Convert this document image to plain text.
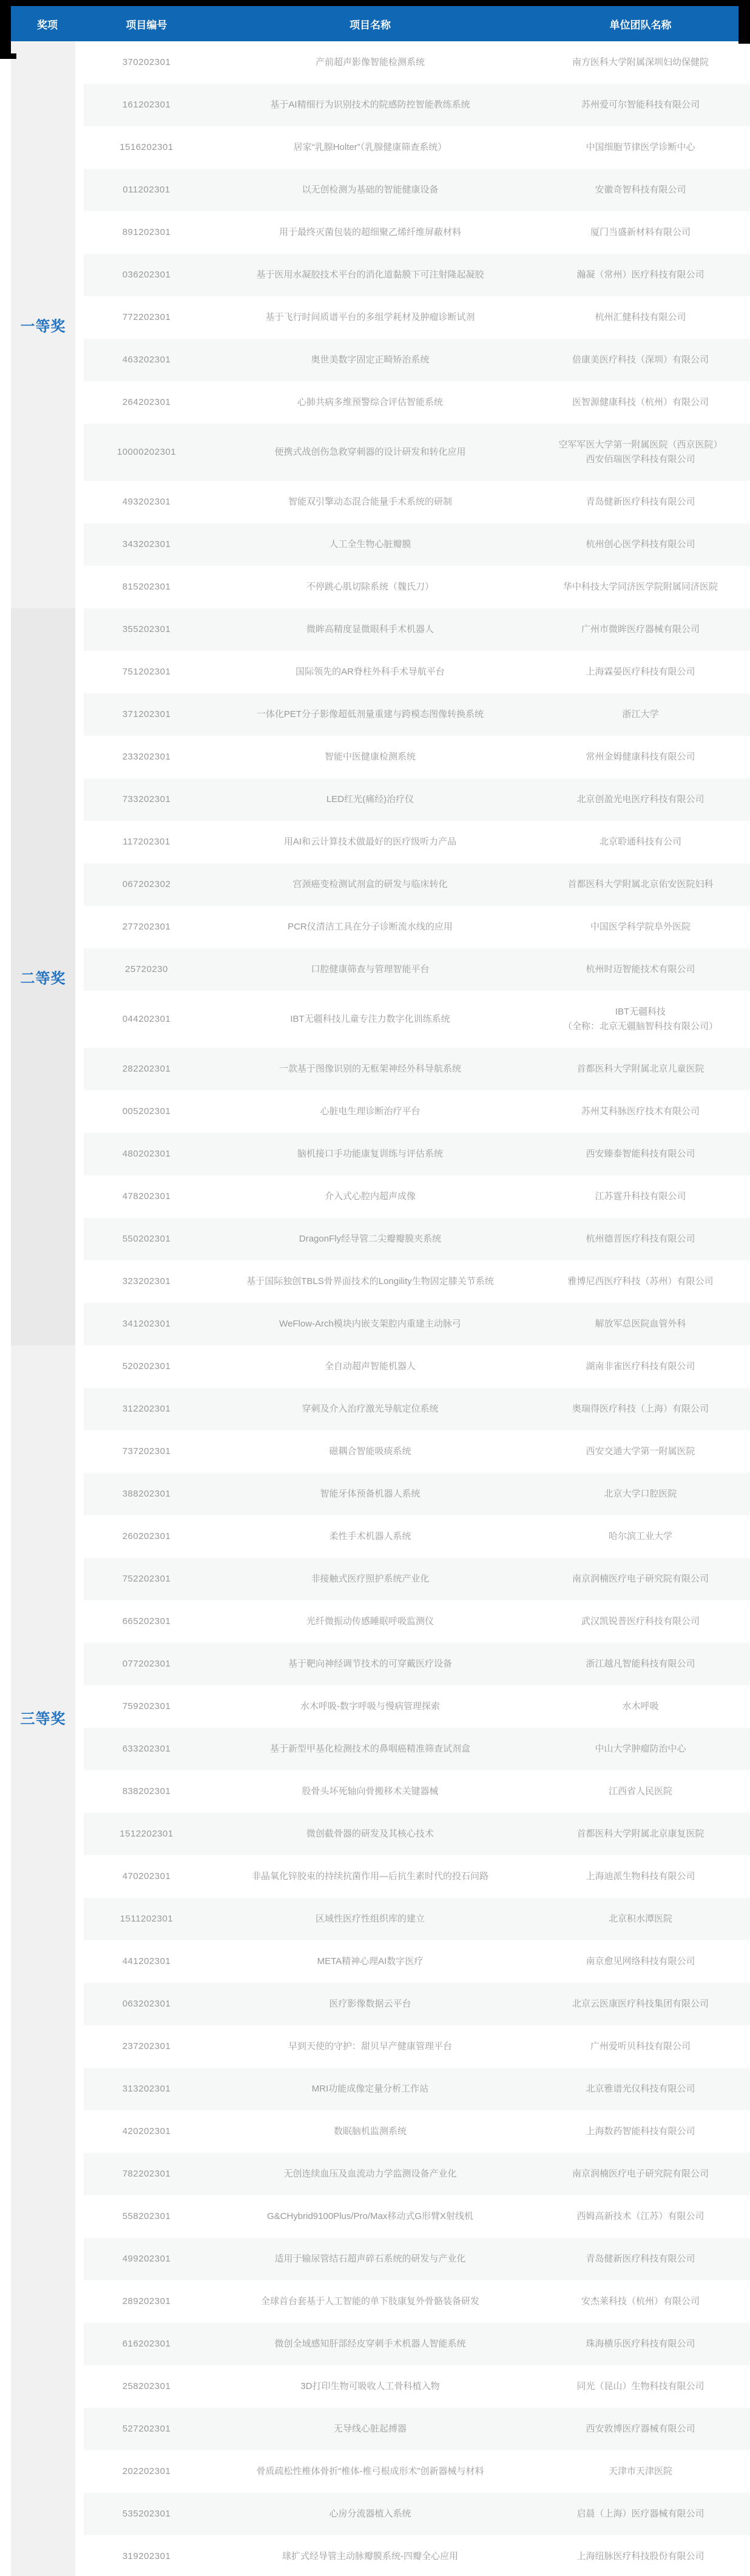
奖项	项目编号	项目名称	单位团队名称
一等奖
370202301	产前超声影像智能检测系统	南方医科大学附属深圳妇幼保健院
161202301	基于AI精细行为识别技术的院感防控智能教练系统	苏州爱可尔智能科技有限公司
1516202301	居家“乳腺Holter”（乳腺健康筛查系统）	中国细胞节律医学诊断中心
011202301	以无创检测为基础的智能健康设备	安徽奇智科技有限公司
891202301	用于最终灭菌包装的超细聚乙烯纤维屏蔽材料	厦门当盛新材料有限公司
036202301	基于医用水凝胶技术平台的消化道黏膜下可注射隆起凝胶	瀚凝（常州）医疗科技有限公司
772202301	基于飞行时间质谱平台的多组学耗材及肿瘤诊断试剂	杭州汇健科技有限公司
463202301	奥世美数字固定正畸矫治系统	倍康美医疗科技（深圳）有限公司
264202301	心肺共病多维预警综合评估智能系统	医智源健康科技（杭州）有限公司
10000202301	便携式战创伤急救穿刺器的设计研发和转化应用
空军军医大学第一附属医院（西京医院）
西安佰瑞医学科技有限公司
493202301	智能双引擎动态混合能量手术系统的研制	青岛健新医疗科技有限公司
343202301	人工全生物心脏瓣膜	杭州创心医学科技有限公司
815202301	不停跳心肌切除系统（魏氏刀）	华中科技大学同济医学院附属同济医院
二等奖
355202301	微眸高精度显微眼科手术机器人	广州市微眸医疗器械有限公司
751202301	国际领先的AR脊柱外科手术导航平台	上海霖晏医疗科技有限公司
371202301	一体化PET分子影像超低剂量重建与跨模态图像转换系统	浙江大学
233202301	智能中医健康检测系统	常州金姆健康科技有限公司
733202301	LED红光(痛经)治疗仪	北京创盈光电医疗科技有限公司
117202301	用AI和云计算技术做最好的医疗级听力产品	北京聆通科技有公司
067202302	宫颈癌变检测试剂盒的研发与临床转化	首都医科大学附属北京佑安医院妇科
277202301	PCR仪清洁工具在分子诊断流水线的应用	中国医学科学院阜外医院
25720230	口腔健康筛查与管理智能平台	杭州时迈智能技术有限公司
044202301	IBT无疆科技儿童专注力数字化训练系统
IBT无疆科技
（全称：北京无疆脑智科技有限公司）
282202301	一款基于图像识别的无框架神经外科导航系统	首都医科大学附属北京儿童医院
005202301	心脏电生理诊断治疗平台	苏州艾科脉医疗技术有限公司
480202301	脑机接口手功能康复训练与评估系统	西安臻泰智能科技有限公司
478202301	介入式心腔内超声成像	江苏霆升科技有限公司
550202301	DragonFly经导管二尖瓣瓣膜夹系统	杭州德晋医疗科技有限公司
323202301	基于国际独创TBLS骨界面技术的Longility生物固定膝关节系统	雅博尼西医疗科技（苏州）有限公司
341202301	WeFlow-Arch模块内嵌支架腔内重建主动脉弓	解放军总医院血管外科
三等奖
520202301	全自动超声智能机器人	湖南非雀医疗科技有限公司
312202301	穿刺及介入治疗激光导航定位系统	奥瑞得医疗科技（上海）有限公司
737202301	磁耦合智能吸痰系统	西安交通大学第一附属医院
388202301	智能牙体预备机器人系统	北京大学口腔医院
260202301	柔性手术机器人系统	哈尔滨工业大学
752202301	非接触式医疗照护系统产业化	南京润楠医疗电子研究院有限公司
665202301	光纤微振动传感睡眠呼吸监测仪	武汉凯锐普医疗科技有限公司
077202301	基于靶向神经调节技术的可穿戴医疗设备	浙江越凡智能科技有限公司
759202301	水木呼吸-数字呼吸与慢病管理探索	水木呼吸
633202301	基于新型甲基化检测技术的鼻咽癌精准筛查试剂盒	中山大学肿瘤防治中心
838202301	股骨头坏死轴向骨搬移术关键器械	江西省人民医院
1512202301	微创截骨器的研发及其核心技术	首都医科大学附属北京康复医院
470202301	非晶氧化锌胶束的持续抗菌作用—后抗生素时代的投石问路	上海迪派生物科技有限公司
1511202301	区域性医疗性组织库的建立	北京积水潭医院
441202301	META精神心理AI数字医疗	南京愈见网络科技有限公司
063202301	医疗影像数据云平台	北京云医康医疗科技集团有限公司
237202301	早到天使的守护：甜贝早产健康管理平台	广州爱听贝科技有限公司
313202301	MRI功能成像定量分析工作站	北京雅谱光仪科技有限公司
420202301	数眠脑机监测系统	上海数药智能科技有限公司
782202301	无创连续血压及血流动力学监测设备产业化	南京润楠医疗电子研究院有限公司
558202301	G&CHybrid9100Plus/Pro/Max移动式G形臂X射线机	西姆高新技术（江苏）有限公司
499202301	适用于输尿管结石超声碎石系统的研发与产业化	青岛健新医疗科技有限公司
289202301	全球首台套基于人工智能的单下肢康复外骨骼装备研发	安杰莱科技（杭州）有限公司
616202301	微创全域感知肝部经皮穿刺手术机器人智能系统	珠海横乐医疗科技有限公司
258202301	3D打印生物可吸收人工骨科植入物	同光（昆山）生物科技有限公司
527202301	无导线心脏起搏器	西安敦博医疗器械有限公司
202202301	骨质疏松性椎体骨折“椎体-椎弓根成形术”创新器械与材料	天津市天津医院
535202301	心房分流器植入系统	启晨（上海）医疗器械有限公司
319202301	球扩式经导管主动脉瓣膜系统-四瓣全心应用	上海纽脉医疗科技股份有限公司
